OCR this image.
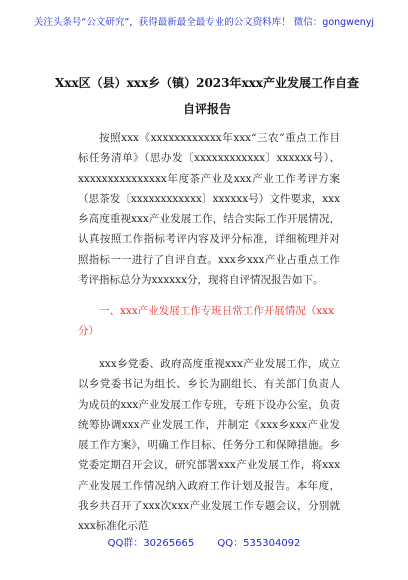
关注头条号“公文研究”，获得最新最全最专业的公文资料库！ 微信：gongwenyj
Xxx区（县）xxx乡（镇）2023年xxx产业发展工作自查自评报告
按照xxx《xxxxxxxxxxxx年xxx“三农”重点工作目标任务清单》（思办发〔xxxxxxxxxxxx〕xxxxxx号）、xxxxxxxxxxxxxxx年度茶产业及xxx产业工作考评方案（思茶发〔xxxxxxxxxxxx〕xxxxxx号）文件要求，xxx乡高度重视xxx产业发展工作，结合实际工作开展情况，认真按照工作指标考评内容及评分标准，详细梳理并对照指标一一进行了自评自查。xxx乡xxx产业占重点工作考评指标总分为xxxxxx分，现将自评情况报告如下。
一、xxx产业发展工作专班日常工作开展情况（xxx分）
xxx乡党委、政府高度重视xxx产业发展工作，成立以乡党委书记为组长、乡长为副组长、有关部门负责人为成员的xxx产业发展工作专班，专班下设办公室，负责统筹协调xxx产业发展工作，并制定《xxx乡xxx产业发展工作方案》，明确工作目标、任务分工和保障措施。乡党委定期召开会议，研究部署xxx产业发展工作，将xxx产业发展工作情况纳入政府工作计划及报告。本年度，我乡共召开了xxx次xxx产业发展工作专题会议，分别就xxx标准化示范
QQ群：30265665 QQ：535304092
